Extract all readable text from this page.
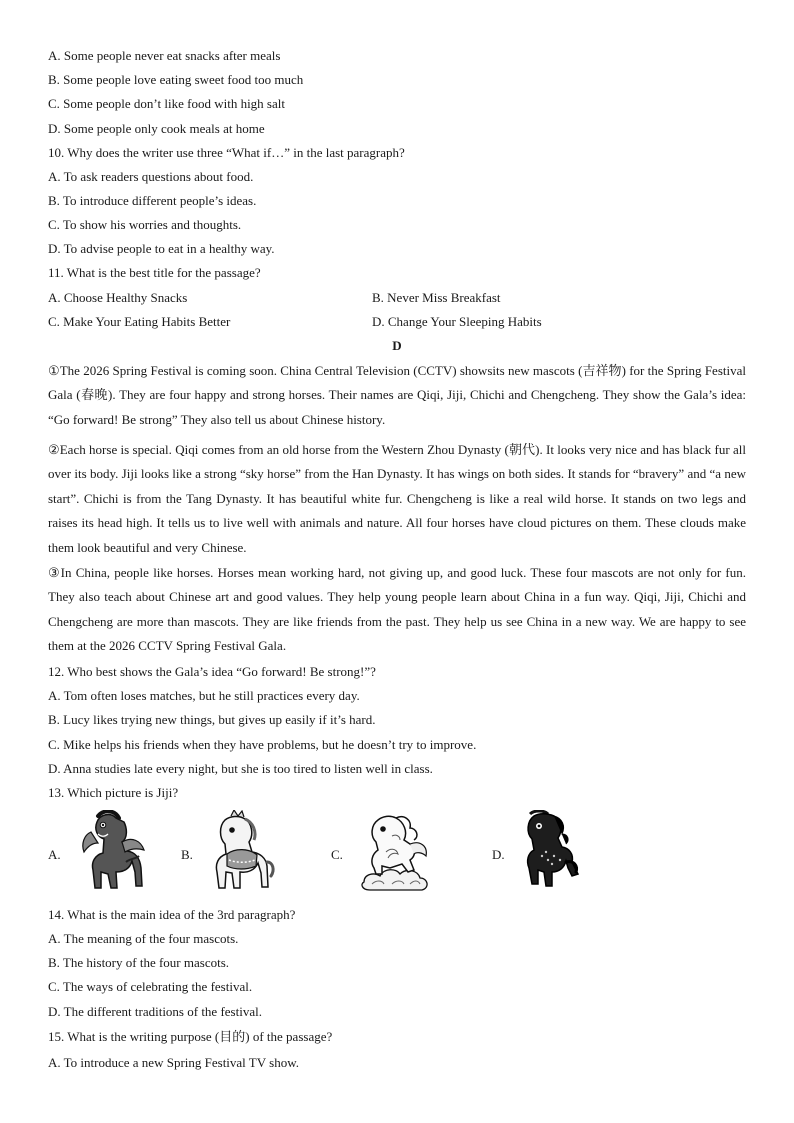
A. Some people never eat snacks after meals
B. Some people love eating sweet food too much
C. Some people don’t like food with high salt
D. Some people only cook meals at home
10. Why does the writer use three “What if…” in the last paragraph?
A. To ask readers questions about food.
B. To introduce different people’s ideas.
C. To show his worries and thoughts.
D. To advise people to eat in a healthy way.
11. What is the best title for the passage?
A. Choose Healthy Snacks	B. Never Miss Breakfast
C. Make Your Eating Habits Better	D. Change Your Sleeping Habits
D
①The 2026 Spring Festival is coming soon. China Central Television (CCTV) showsits new mascots (吉祥物) for the Spring Festival Gala (春晚). They are four happy and strong horses. Their names are Qiqi, Jiji, Chichi and Chengcheng. They show the Gala’s idea: “Go forward! Be strong” They also tell us about Chinese history.
②Each horse is special. Qiqi comes from an old horse from the Western Zhou Dynasty (朝代). It looks very nice and has black fur all over its body. Jiji looks like a strong “sky horse” from the Han Dynasty. It has wings on both sides. It stands for “bravery” and “a new start”. Chichi is from the Tang Dynasty. It has beautiful white fur. Chengcheng is like a real wild horse. It stands on two legs and raises its head high. It tells us to live well with animals and nature. All four horses have cloud pictures on them. These clouds make them look beautiful and very Chinese.
③In China, people like horses. Horses mean working hard, not giving up, and good luck. These four mascots are not only for fun. They also teach about Chinese art and good values. They help young people learn about China in a fun way. Qiqi, Jiji, Chichi and Chengcheng are more than mascots. They are like friends from the past. They help us see China in a new way. We are happy to see them at the 2026 CCTV Spring Festival Gala.
12. Who best shows the Gala’s idea “Go forward! Be strong!”?
A. Tom often loses matches, but he still practices every day.
B. Lucy likes trying new things, but gives up easily if it’s hard.
C. Mike helps his friends when they have problems, but he doesn’t try to improve.
D. Anna studies late every night, but she is too tired to listen well in class.
13. Which picture is Jiji?
A.	B.	C.	D.
14. What is the main idea of the 3rd paragraph?
A. The meaning of the four mascots.
B. The history of the four mascots.
C. The ways of celebrating the festival.
D. The different traditions of the festival.
15. What is the writing purpose (目的) of the passage?
A. To introduce a new Spring Festival TV show.
